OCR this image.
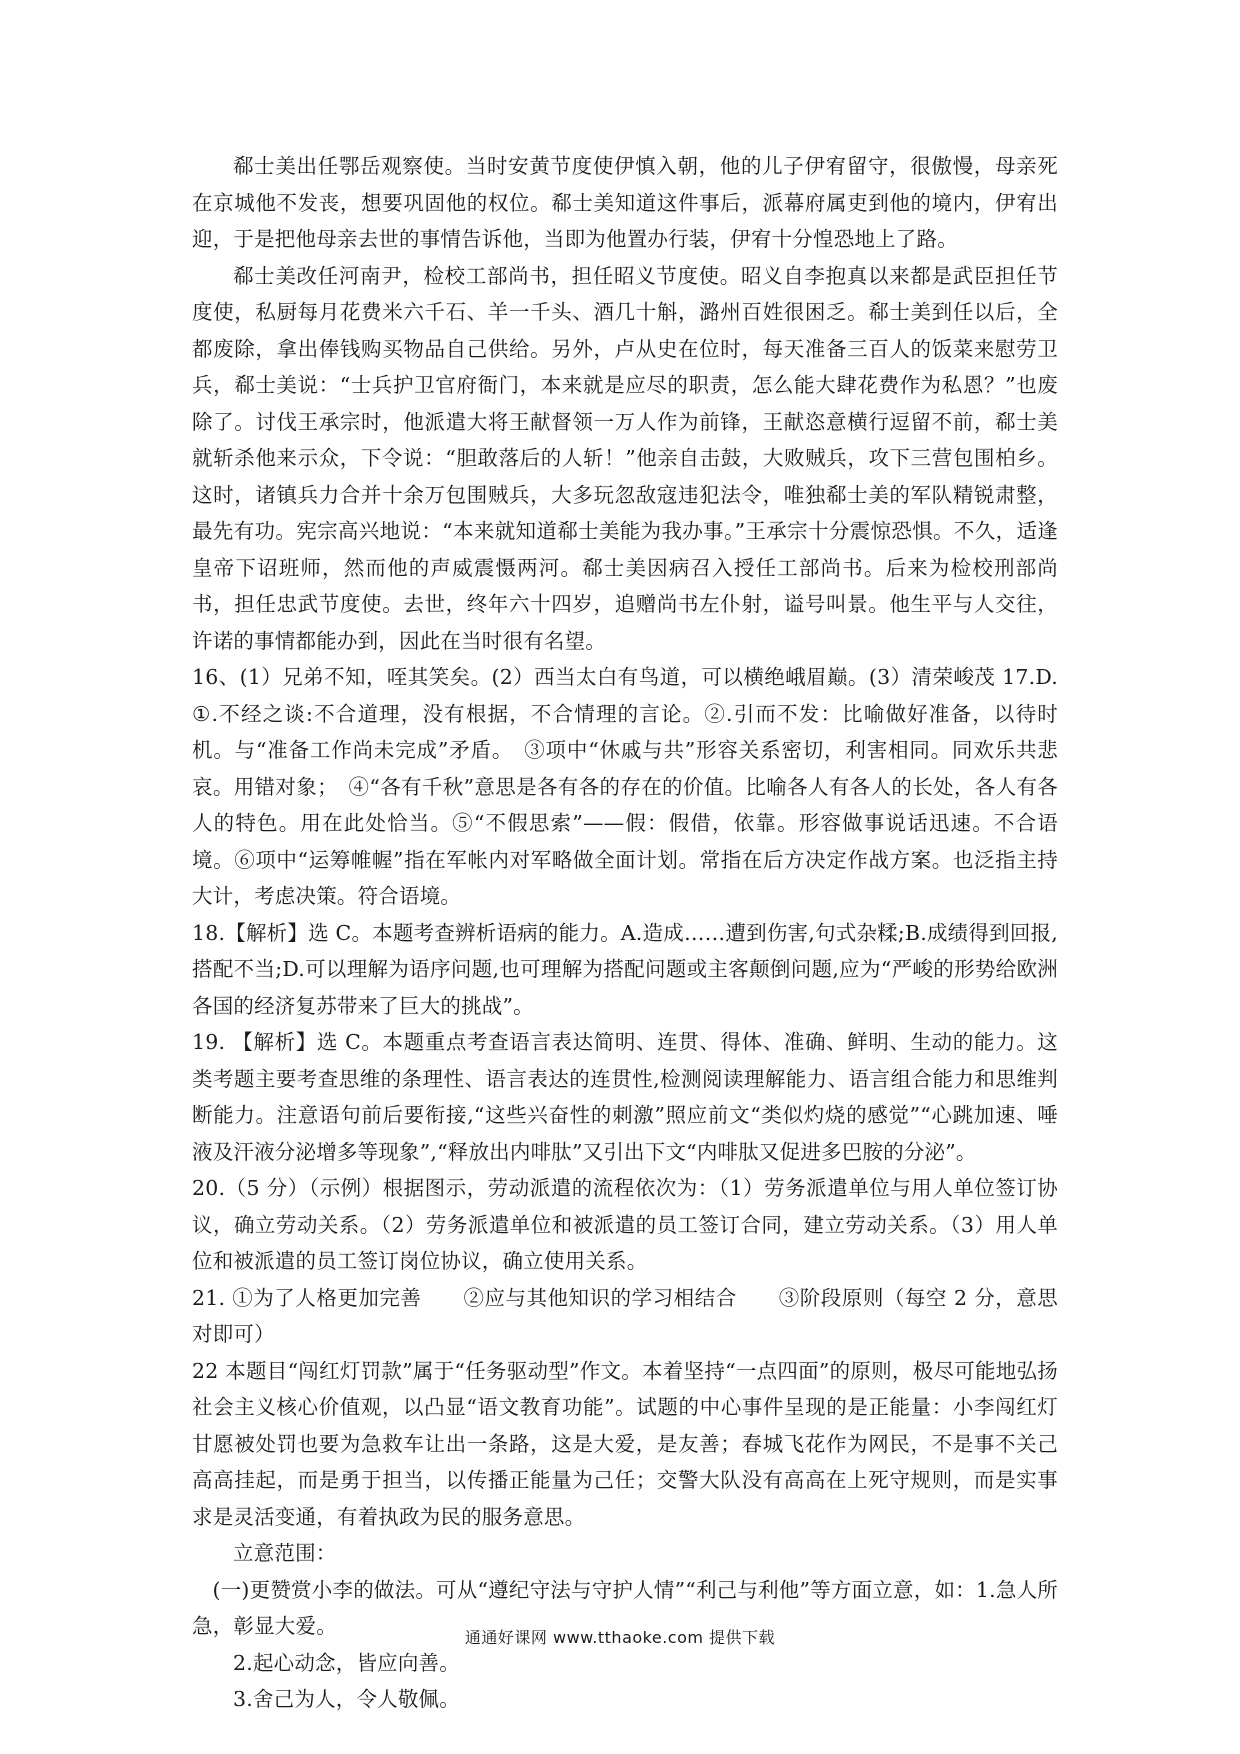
郗士美出任鄂岳观察使。当时安黄节度使伊慎入朝，他的儿子伊宥留守，很傲慢，母亲死在京城他不发丧，想要巩固他的权位。郗士美知道这件事后，派幕府属吏到他的境内，伊宥出迎，于是把他母亲去世的事情告诉他，当即为他置办行装，伊宥十分惶恐地上了路。

郗士美改任河南尹，检校工部尚书，担任昭义节度使。昭义自李抱真以来都是武臣担任节度使，私厨每月花费米六千石、羊一千头、酒几十斛，潞州百姓很困乏。郗士美到任以后，全都废除，拿出俸钱购买物品自己供给。另外，卢从史在位时，每天准备三百人的饭菜来慰劳卫兵，郗士美说：“士兵护卫官府衙门，本来就是应尽的职责，怎么能大肆花费作为私恩？”也废除了。讨伐王承宗时，他派遣大将王献督领一万人作为前锋，王献恣意横行逗留不前，郗士美就斩杀他来示众，下令说：“胆敢落后的人斩！”他亲自击鼓，大败贼兵，攻下三营包围柏乡。这时，诸镇兵力合并十余万包围贼兵，大多玩忽敌寇违犯法令，唯独郗士美的军队精锐肃整，最先有功。宪宗高兴地说：“本来就知道郗士美能为我办事。”王承宗十分震惊恐惧。不久，适逢皇帝下诏班师，然而他的声威震慑两河。郗士美因病召入授任工部尚书。后来为检校刑部尚书，担任忠武节度使。去世，终年六十四岁，追赠尚书左仆射，谥号叫景。他生平与人交往，许诺的事情都能办到，因此在当时很有名望。

16、(1）兄弟不知，咥其笑矣。(2）西当太白有鸟道，可以横绝峨眉巅。(3）清荣峻茂 17.D. ①.不经之谈:不合道理，没有根据，不合情理的言论。②.引而不发：比喻做好准备，以待时机。与“准备工作尚未完成”矛盾。　③项中“休戚与共”形容关系密切，利害相同。同欢乐共悲哀。用错对象；　④“各有千秋”意思是各有各的存在的价值。比喻各人有各人的长处，各人有各人的特色。用在此处恰当。⑤“不假思索”——假：假借，依靠。形容做事说话迅速。不合语境。⑥项中“运筹帷幄”指在军帐内对军略做全面计划。常指在后方决定作战方案。也泛指主持大计，考虑决策。符合语境。

18.【解析】选 C。本题考查辨析语病的能力。A.造成……遭到伤害,句式杂糅;B.成绩得到回报,搭配不当;D.可以理解为语序问题,也可理解为搭配问题或主客颠倒问题,应为“严峻的形势给欧洲各国的经济复苏带来了巨大的挑战”。

19. 【解析】选 C。本题重点考查语言表达简明、连贯、得体、准确、鲜明、生动的能力。这类考题主要考查思维的条理性、语言表达的连贯性,检测阅读理解能力、语言组合能力和思维判断能力。注意语句前后要衔接,“这些兴奋性的刺激”照应前文“类似灼烧的感觉”“心跳加速、唾液及汗液分泌增多等现象”,“释放出内啡肽”又引出下文“内啡肽又促进多巴胺的分泌”。

20.（5 分）（示例）根据图示，劳动派遣的流程依次为：（1）劳务派遣单位与用人单位签订协议，确立劳动关系。（2）劳务派遣单位和被派遣的员工签订合同，建立劳动关系。（3）用人单位和被派遣的员工签订岗位协议，确立使用关系。

21. ①为了人格更加完善　　②应与其他知识的学习相结合　　③阶段原则（每空 2 分，意思对即可）

22 本题目“闯红灯罚款”属于“任务驱动型”作文。本着坚持“一点四面”的原则，极尽可能地弘扬社会主义核心价值观，以凸显“语文教育功能”。试题的中心事件呈现的是正能量：小李闯红灯甘愿被处罚也要为急救车让出一条路，这是大爱，是友善；春城飞花作为网民，不是事不关己高高挂起，而是勇于担当，以传播正能量为己任；交警大队没有高高在上死守规则，而是实事求是灵活变通，有着执政为民的服务意思。

立意范围：

(一)更赞赏小李的做法。可从“遵纪守法与守护人情”“利己与利他”等方面立意，如：1.急人所急，彰显大爱。

2.起心动念，皆应向善。

3.舍己为人，令人敬佩。

通通好课网 www.tthaoke.com 提供下载
